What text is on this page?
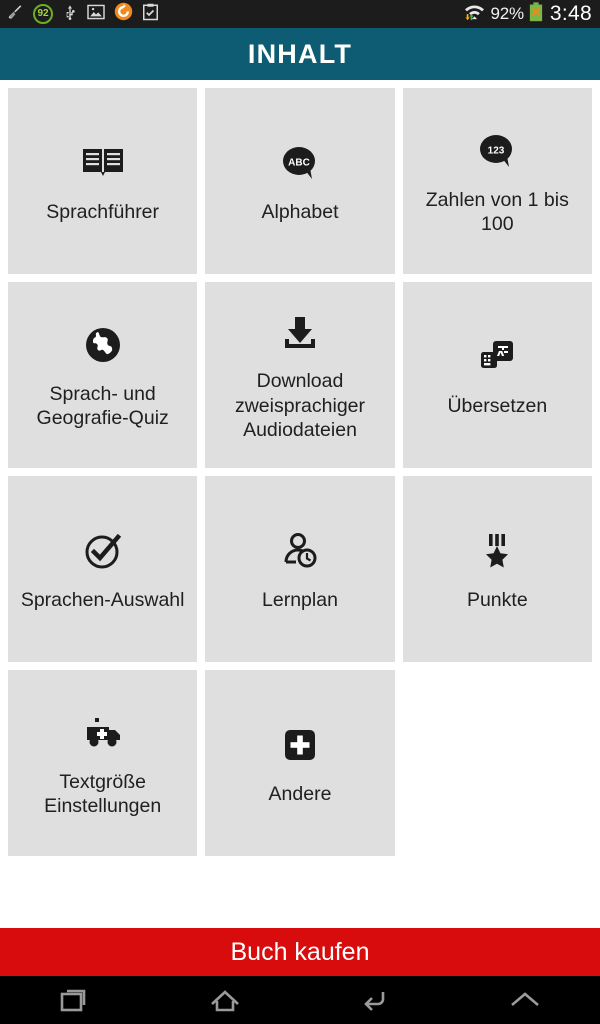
92	92% 3:48
INHALT
Sprachführer
ABC
Alphabet
123
Zahlen von 1 bis 100
Sprach- und Geografie-Quiz
Download zweisprachiger Audiodateien
Übersetzen
Sprachen-Auswahl	Lernplan	Punkte
Textgröße Einstellungen
Andere
Buch kaufen
